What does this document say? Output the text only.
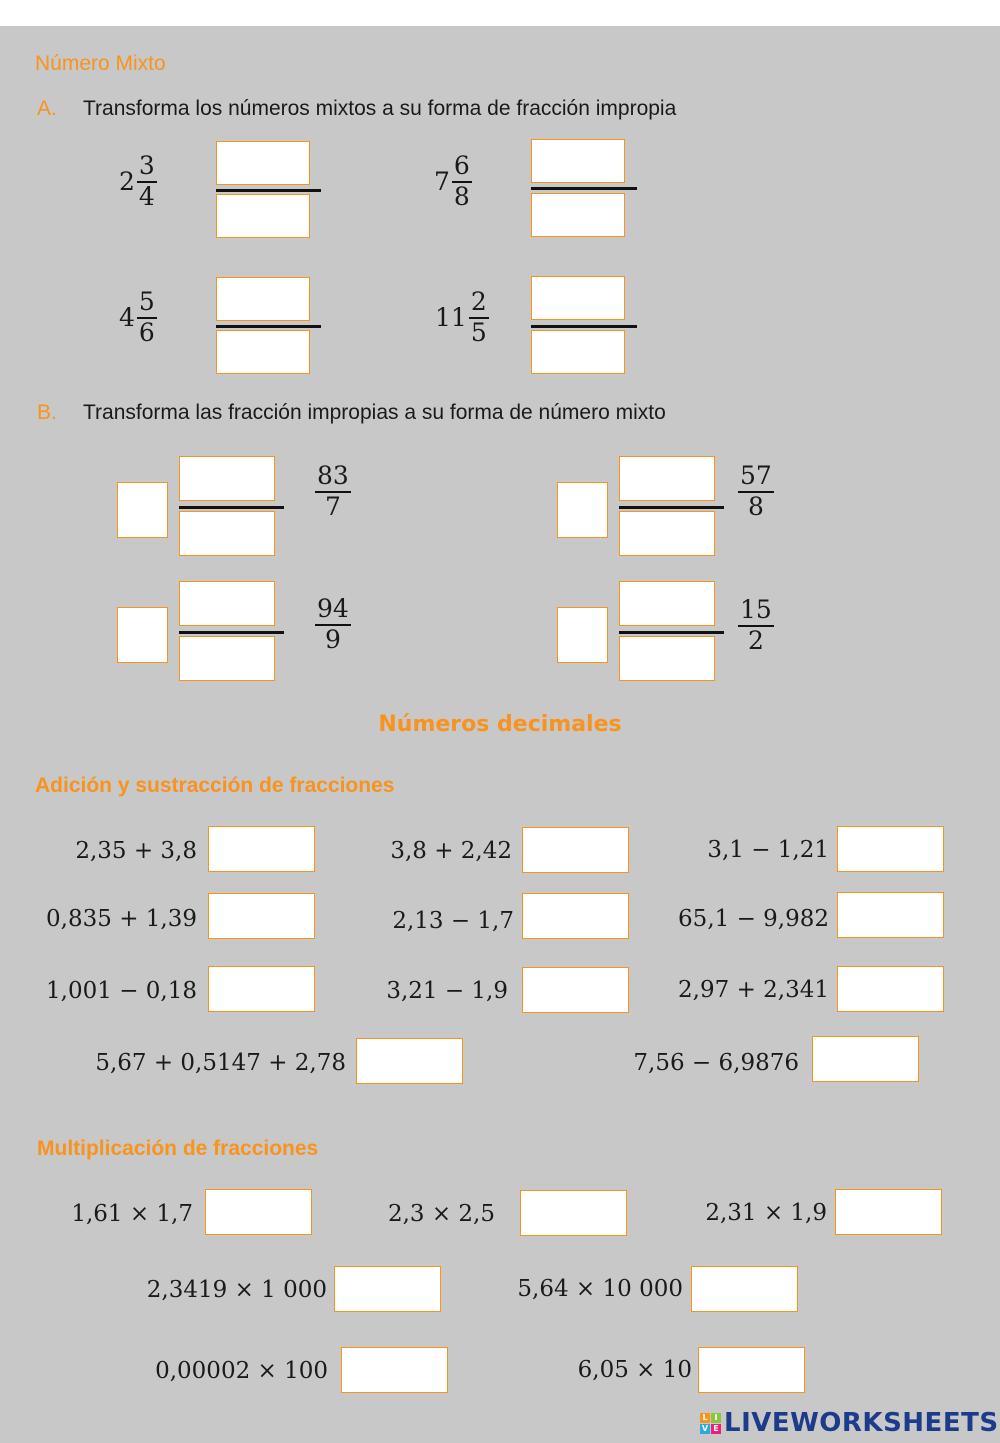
Número Mixto
A. Transforma los números mixtos a su forma de fracción impropia
$2 \frac{3}{4}$	$7 \frac{6}{8}$
$4 \frac{5}{6}$	$11 \frac{2}{5}$
B. Transforma las fracción impropias a su forma de número mixto
$\frac{83}{7}$	$\frac{57}{8}$
$\frac{94}{9}$	$\frac{15}{2}$
Números decimales
Adición y sustracción de fracciones
2,35 + 3,8	3,8 + 2,42	3,1 − 1,21
0,835 + 1,39	2,13 − 1,7	65,1 − 9,982
1,001 − 0,18	3,21 − 1,9	2,97 + 2,341
5,67 + 0,5147 + 2,78	7,56 − 6,9876
Multiplicación de fracciones
1,61 × 1,7	2,3 × 2,5	2,31 × 1,9
2,3419 × 1 000	5,64 × 10 000
0,00002 × 100	6,05 × 10
L I
V E LIVEWORKSHEETS
